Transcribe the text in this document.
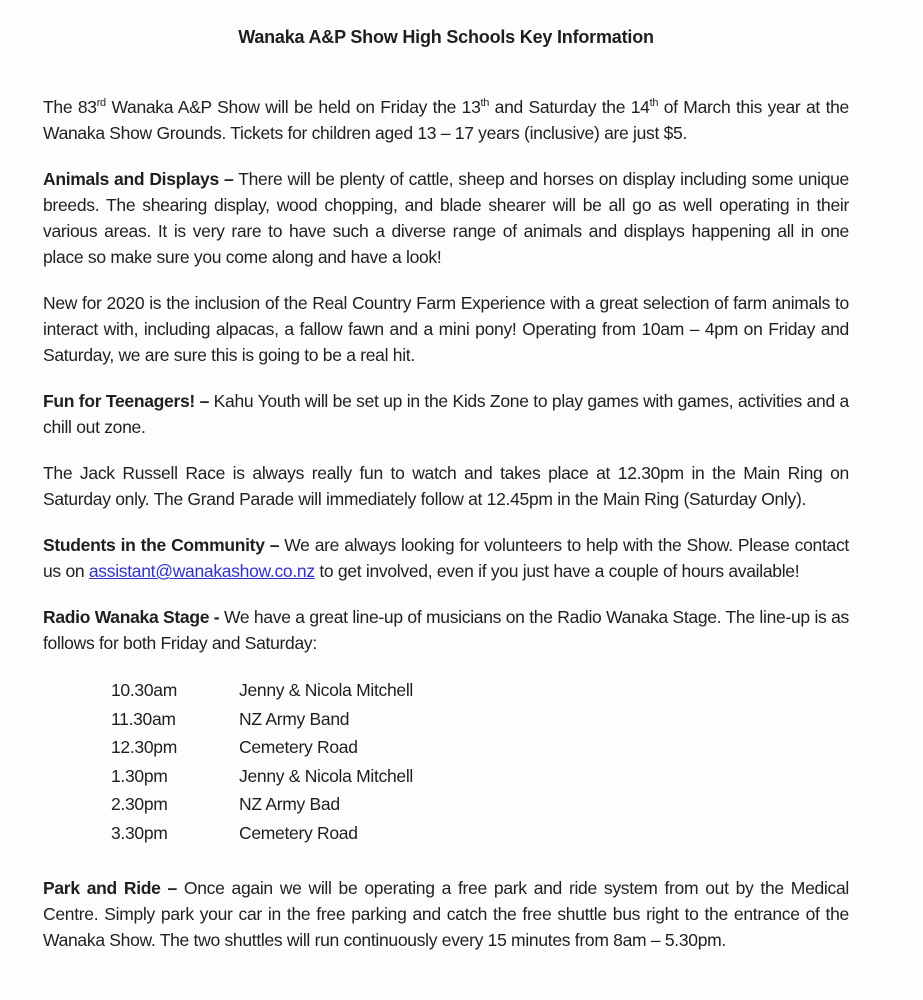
Wanaka A&P Show High Schools Key Information

The 83rd Wanaka A&P Show will be held on Friday the 13th and Saturday the 14th of March this year at the Wanaka Show Grounds. Tickets for children aged 13 – 17 years (inclusive) are just $5.

Animals and Displays – There will be plenty of cattle, sheep and horses on display including some unique breeds. The shearing display, wood chopping, and blade shearer will be all go as well operating in their various areas. It is very rare to have such a diverse range of animals and displays happening all in one place so make sure you come along and have a look!

New for 2020 is the inclusion of the Real Country Farm Experience with a great selection of farm animals to interact with, including alpacas, a fallow fawn and a mini pony! Operating from 10am – 4pm on Friday and Saturday, we are sure this is going to be a real hit.

Fun for Teenagers! – Kahu Youth will be set up in the Kids Zone to play games with games, activities and a chill out zone.

The Jack Russell Race is always really fun to watch and takes place at 12.30pm in the Main Ring on Saturday only. The Grand Parade will immediately follow at 12.45pm in the Main Ring (Saturday Only).

Students in the Community – We are always looking for volunteers to help with the Show. Please contact us on assistant@wanakashow.co.nz to get involved, even if you just have a couple of hours available!

Radio Wanaka Stage - We have a great line-up of musicians on the Radio Wanaka Stage. The line-up is as follows for both Friday and Saturday:

10.30am	Jenny & Nicola Mitchell
11.30am	NZ Army Band
12.30pm	Cemetery Road
1.30pm	Jenny & Nicola Mitchell
2.30pm	NZ Army Bad
3.30pm	Cemetery Road

Park and Ride – Once again we will be operating a free park and ride system from out by the Medical Centre. Simply park your car in the free parking and catch the free shuttle bus right to the entrance of the Wanaka Show. The two shuttles will run continuously every 15 minutes from 8am – 5.30pm.
